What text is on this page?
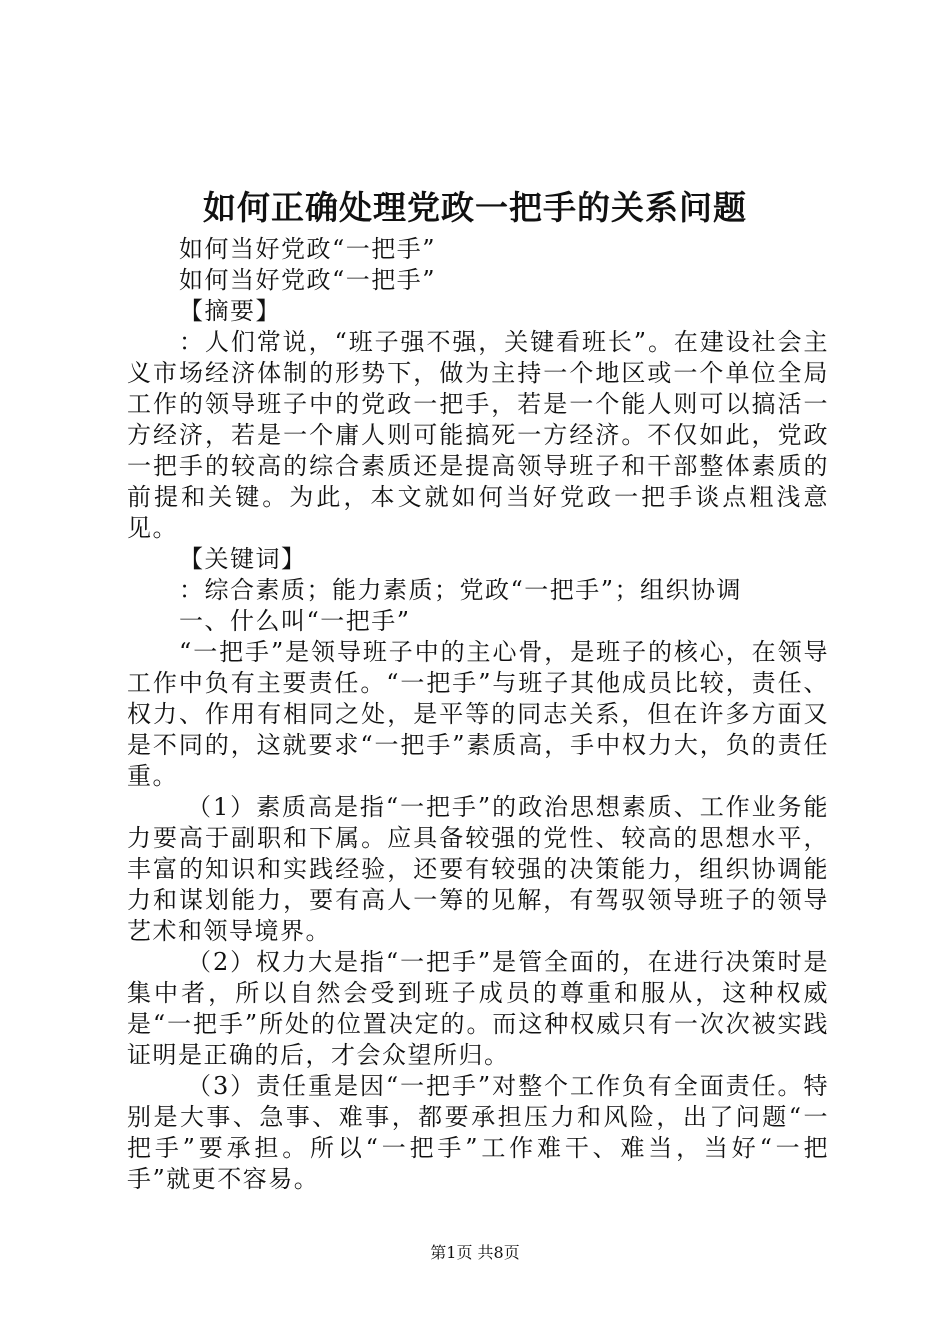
如何正确处理党政一把手的关系问题

如何当好党政“一把手”

如何当好党政“一把手”

【摘要】

：人们常说，“班子强不强，关键看班长”。在建设社会主义市场经济体制的形势下，做为主持一个地区或一个单位全局工作的领导班子中的党政一把手，若是一个能人则可以搞活一方经济，若是一个庸人则可能搞死一方经济。不仅如此，党政一把手的较高的综合素质还是提高领导班子和干部整体素质的前提和关键。为此，本文就如何当好党政一把手谈点粗浅意见。

【关键词】

：综合素质；能力素质；党政“一把手”；组织协调

一、什么叫“一把手”

“一把手”是领导班子中的主心骨，是班子的核心，在领导工作中负有主要责任。“一把手”与班子其他成员比较，责任、权力、作用有相同之处，是平等的同志关系，但在许多方面又是不同的，这就要求“一把手”素质高，手中权力大，负的责任重。

（1）素质高是指“一把手”的政治思想素质、工作业务能力要高于副职和下属。应具备较强的党性、较高的思想水平，丰富的知识和实践经验，还要有较强的决策能力，组织协调能力和谋划能力，要有高人一筹的见解，有驾驭领导班子的领导艺术和领导境界。

（2）权力大是指“一把手”是管全面的，在进行决策时是集中者，所以自然会受到班子成员的尊重和服从，这种权威是“一把手”所处的位置决定的。而这种权威只有一次次被实践证明是正确的后，才会众望所归。

（3）责任重是因“一把手”对整个工作负有全面责任。特别是大事、急事、难事，都要承担压力和风险，出了问题“一把手”要承担。所以“一把手”工作难干、难当，当好“一把手”就更不容易。

第1页 共8页
